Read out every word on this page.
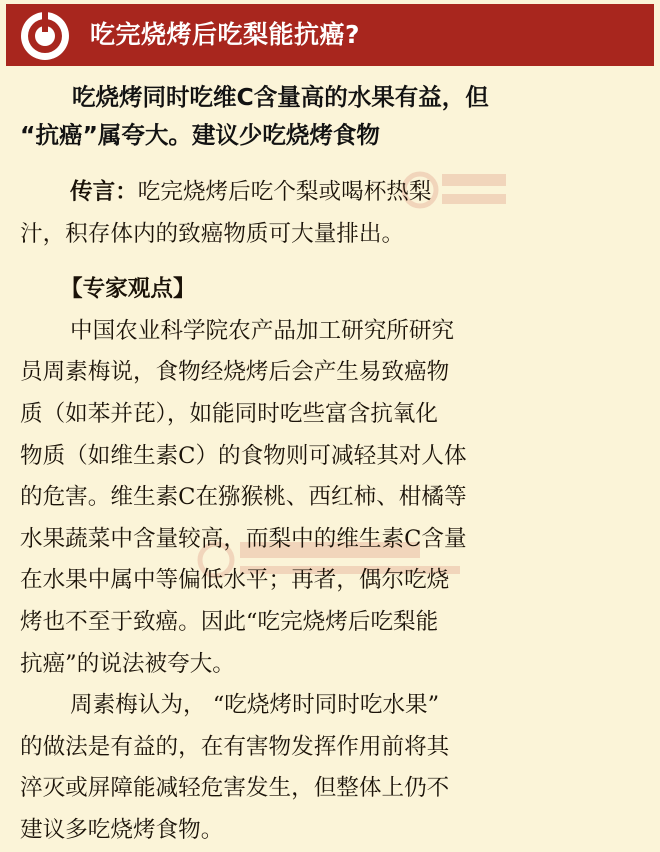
吃完烧烤后吃梨能抗癌?
吃烧烤同时吃维C含量高的水果有益，但
“抗癌”属夸大。建议少吃烧烤食物
传言：吃完烧烤后吃个梨或喝杯热梨
汁，积存体内的致癌物质可大量排出。
【专家观点】
中国农业科学院农产品加工研究所研究
员周素梅说，食物经烧烤后会产生易致癌物
质（如苯并芘），如能同时吃些富含抗氧化
物质（如维生素C）的食物则可减轻其对人体
的危害。维生素C在猕猴桃、西红柿、柑橘等
水果蔬菜中含量较高，而梨中的维生素C含量
在水果中属中等偏低水平；再者，偶尔吃烧
烤也不至于致癌。因此“吃完烧烤后吃梨能
抗癌”的说法被夸大。
周素梅认为， “吃烧烤时同时吃水果”
的做法是有益的，在有害物发挥作用前将其
淬灭或屏障能减轻危害发生，但整体上仍不
建议多吃烧烤食物。
